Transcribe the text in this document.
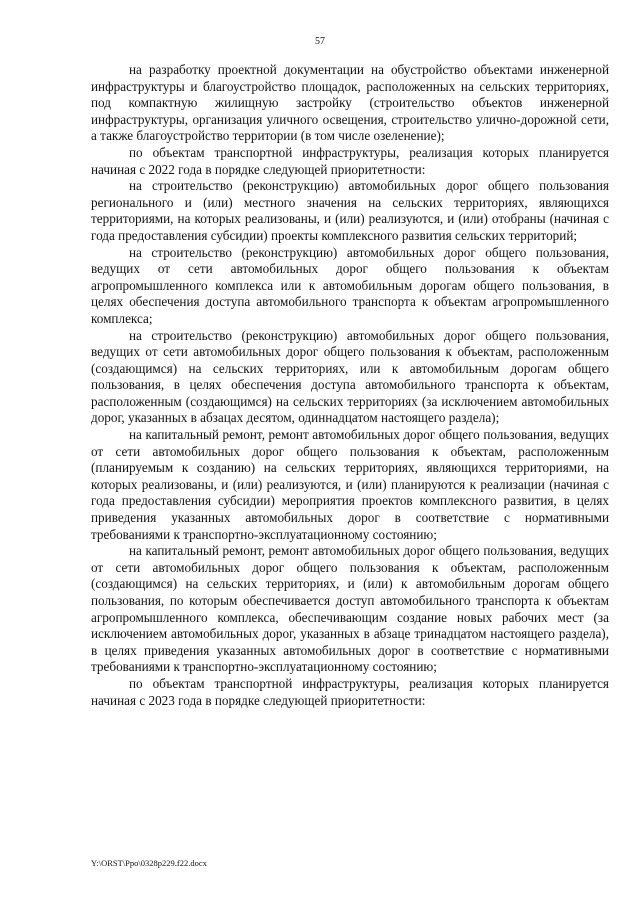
57

на разработку проектной документации на обустройство объектами инженерной инфраструктуры и благоустройство площадок, расположенных на сельских территориях, под компактную жилищную застройку (строительство объектов инженерной инфраструктуры, организация уличного освещения, строительство улично-дорожной сети, а также благоустройство территории (в том числе озеленение);

по объектам транспортной инфраструктуры, реализация которых планируется начиная с 2022 года в порядке следующей приоритетности:

на строительство (реконструкцию) автомобильных дорог общего пользования регионального и (или) местного значения на сельских территориях, являющихся территориями, на которых реализованы, и (или) реализуются, и (или) отобраны (начиная с года предоставления субсидии) проекты комплексного развития сельских территорий;

на строительство (реконструкцию) автомобильных дорог общего пользования, ведущих от сети автомобильных дорог общего пользования к объектам агропромышленного комплекса или к автомобильным дорогам общего пользования, в целях обеспечения доступа автомобильного транспорта к объектам агропромышленного комплекса;

на строительство (реконструкцию) автомобильных дорог общего пользования, ведущих от сети автомобильных дорог общего пользования к объектам, расположенным (создающимся) на сельских территориях, или к автомобильным дорогам общего пользования, в целях обеспечения доступа автомобильного транспорта к объектам, расположенным (создающимся) на сельских территориях (за исключением автомобильных дорог, указанных в абзацах десятом, одиннадцатом настоящего раздела);

на капитальный ремонт, ремонт автомобильных дорог общего пользования, ведущих от сети автомобильных дорог общего пользования к объектам, расположенным (планируемым к созданию) на сельских территориях, являющихся территориями, на которых реализованы, и (или) реализуются, и (или) планируются к реализации (начиная с года предоставления субсидии) мероприятия проектов комплексного развития, в целях приведения указанных автомобильных дорог в соответствие с нормативными требованиями к транспортно-эксплуатационному состоянию;

на капитальный ремонт, ремонт автомобильных дорог общего пользования, ведущих от сети автомобильных дорог общего пользования к объектам, расположенным (создающимся) на сельских территориях, и (или) к автомобильным дорогам общего пользования, по которым обеспечивается доступ автомобильного транспорта к объектам агропромышленного комплекса, обеспечивающим создание новых рабочих мест (за исключением автомобильных дорог, указанных в абзаце тринадцатом настоящего раздела), в целях приведения указанных автомобильных дорог в соответствие с нормативными требованиями к транспортно-эксплуатационному состоянию;

по объектам транспортной инфраструктуры, реализация которых планируется начиная с 2023 года в порядке следующей приоритетности:

Y:\ORST\Ppo\0328p229.f22.docx
